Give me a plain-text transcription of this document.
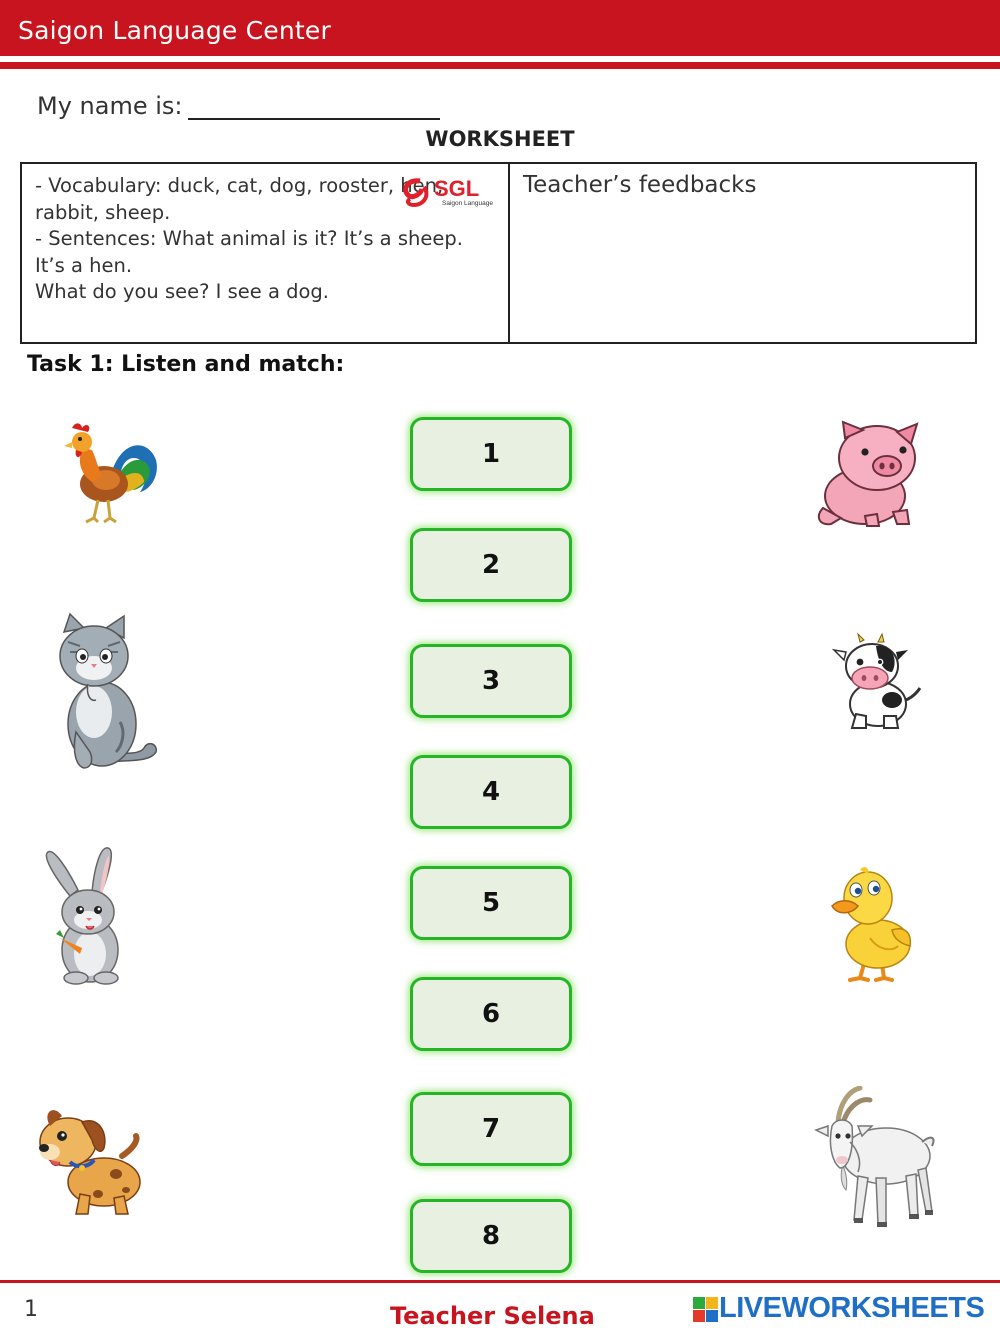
Saigon Language Center
My name is:
WORKSHEET
- Vocabulary: duck, cat, dog, rooster, hen, rabbit, sheep.
- Sentences: What animal is it? It’s a sheep.
It’s a hen.
What do you see? I see a dog.
SGL
Saigon Language
Teacher’s feedbacks
Task 1: Listen and match:
1
2
3
4
5
6
7
8
1	Teacher Selena	LIVEWORKSHEETS
